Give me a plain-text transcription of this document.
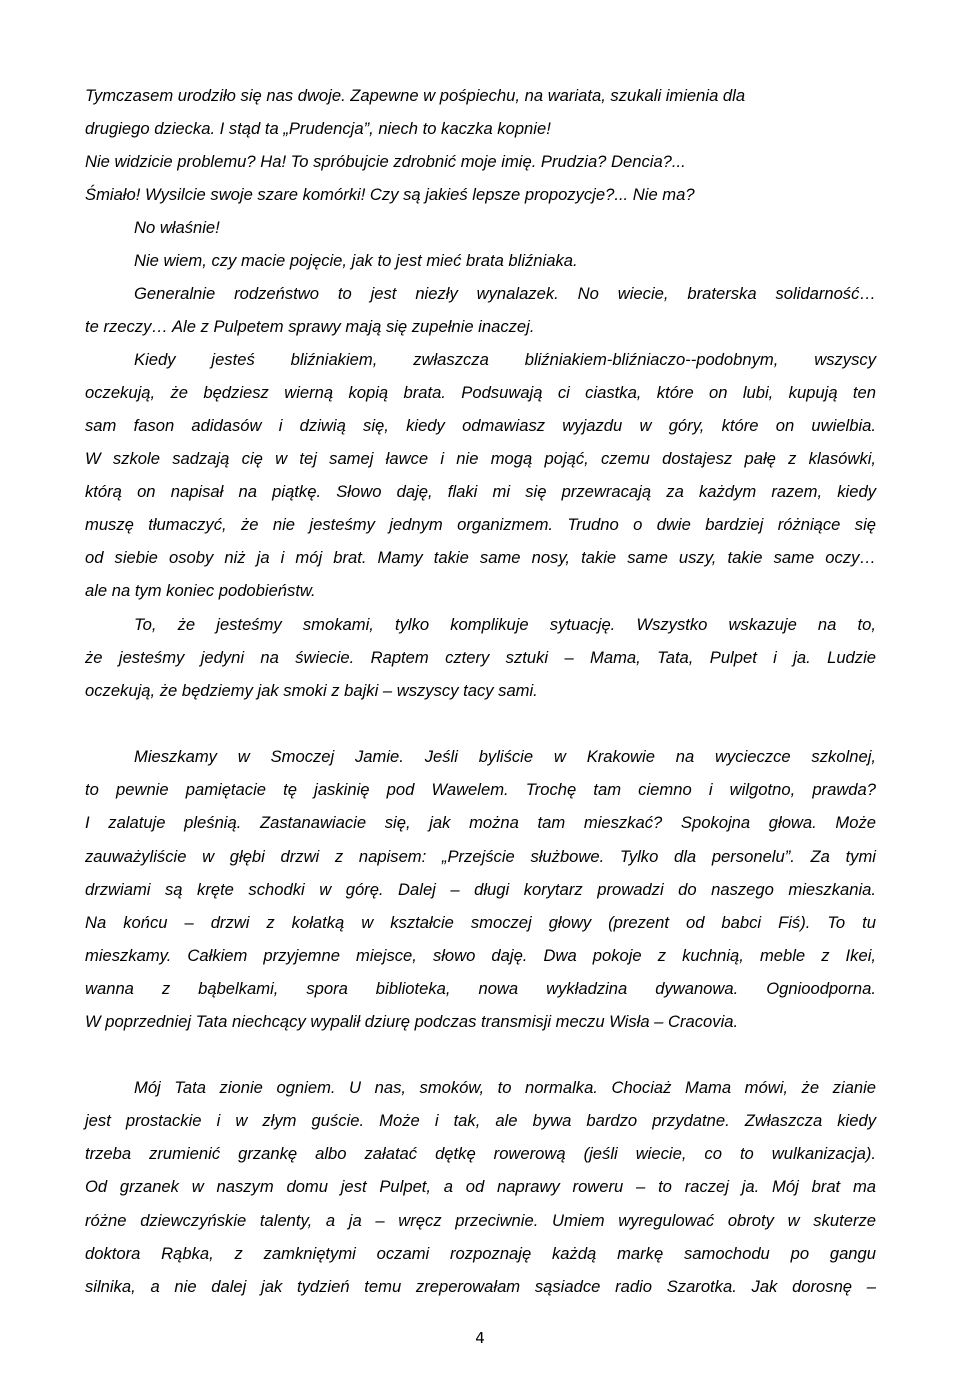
Tymczasem urodziło się nas dwoje. Zapewne w pośpiechu, na wariata, szukali imienia dla

drugiego dziecka. I stąd ta „Prudencja”, niech to kaczka kopnie!

Nie widzicie problemu? Ha! To spróbujcie zdrobnić moje imię. Prudzia? Dencia?...

Śmiało! Wysilcie swoje szare komórki! Czy są jakieś lepsze propozycje?... Nie ma?

No właśnie!

Nie wiem, czy macie pojęcie, jak to jest mieć brata bliźniaka.

Generalnie rodzeństwo to jest niezły wynalazek. No wiecie, braterska solidarność…

te rzeczy… Ale z Pulpetem sprawy mają się zupełnie inaczej.

Kiedy jesteś bliźniakiem, zwłaszcza bliźniakiem-bliźniaczo--podobnym, wszyscy

oczekują, że będziesz wierną kopią brata. Podsuwają ci ciastka, które on lubi, kupują ten

sam fason adidasów i dziwią się, kiedy odmawiasz wyjazdu w góry, które on uwielbia.

W szkole sadzają cię w tej samej ławce i nie mogą pojąć, czemu dostajesz pałę z klasówki,

którą on napisał na piątkę. Słowo daję, flaki mi się przewracają za każdym razem, kiedy

muszę tłumaczyć, że nie jesteśmy jednym organizmem. Trudno o dwie bardziej różniące się

od siebie osoby niż ja i mój brat. Mamy takie same nosy, takie same uszy, takie same oczy…

ale na tym koniec podobieństw.

To, że jesteśmy smokami, tylko komplikuje sytuację. Wszystko wskazuje na to,

że jesteśmy jedyni na świecie. Raptem cztery sztuki – Mama, Tata, Pulpet i ja. Ludzie

oczekują, że będziemy jak smoki z bajki – wszyscy tacy sami.

Mieszkamy w Smoczej Jamie. Jeśli byliście w Krakowie na wycieczce szkolnej,

to pewnie pamiętacie tę jaskinię pod Wawelem. Trochę tam ciemno i wilgotno, prawda?

I zalatuje pleśnią. Zastanawiacie się, jak można tam mieszkać? Spokojna głowa. Może

zauważyliście w głębi drzwi z napisem: „Przejście służbowe. Tylko dla personelu”. Za tymi

drzwiami są kręte schodki w górę. Dalej – długi korytarz prowadzi do naszego mieszkania.

Na końcu – drzwi z kołatką w kształcie smoczej głowy (prezent od babci Fiś). To tu

mieszkamy. Całkiem przyjemne miejsce, słowo daję. Dwa pokoje z kuchnią, meble z Ikei,

wanna z bąbelkami, spora biblioteka, nowa wykładzina dywanowa. Ognioodporna.

W poprzedniej Tata niechcący wypalił dziurę podczas transmisji meczu Wisła – Cracovia.

Mój Tata zionie ogniem. U nas, smoków, to normalka. Chociaż Mama mówi, że zianie

jest prostackie i w złym guście. Może i tak, ale bywa bardzo przydatne. Zwłaszcza kiedy

trzeba zrumienić grzankę albo załatać dętkę rowerową (jeśli wiecie, co to wulkanizacja).

Od grzanek w naszym domu jest Pulpet, a od naprawy roweru – to raczej ja. Mój brat ma

różne dziewczyńskie talenty, a ja – wręcz przeciwnie. Umiem wyregulować obroty w skuterze

doktora Rąbka, z zamkniętymi oczami rozpoznaję każdą markę samochodu po gangu

silnika, a nie dalej jak tydzień temu zreperowałam sąsiadce radio Szarotka. Jak dorosnę –

4
